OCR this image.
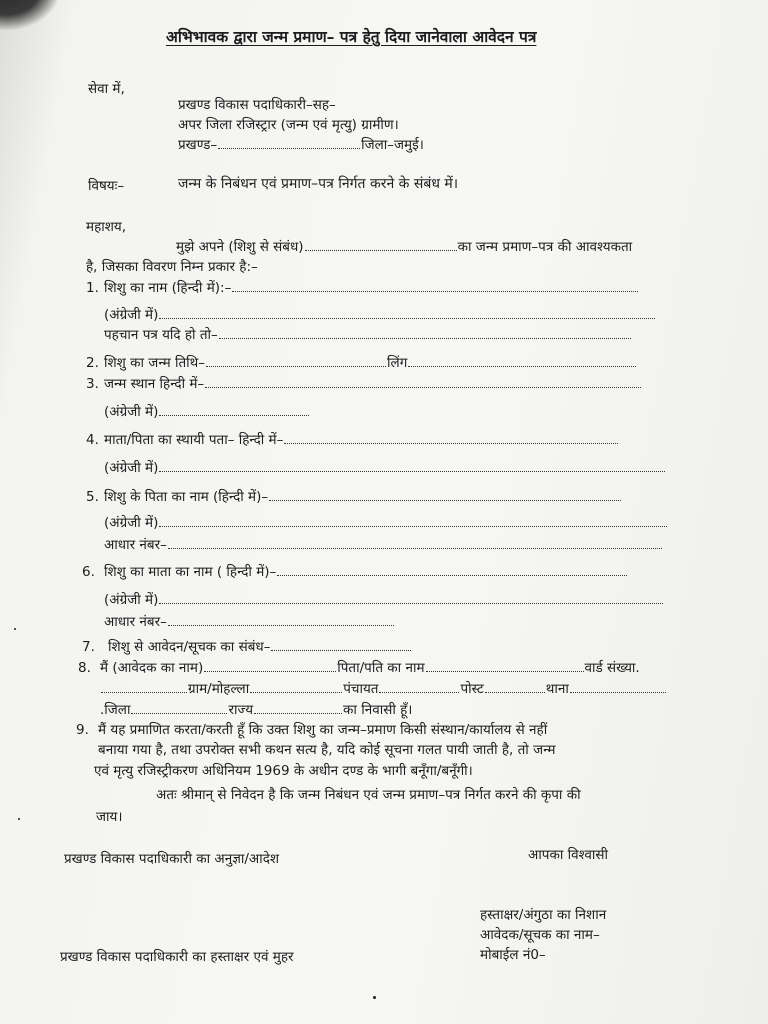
अभिभावक द्वारा जन्म प्रमाण– पत्र हेतु दिया जानेवाला आवेदन पत्र
सेवा में,
प्रखण्ड विकास पदाधिकारी–सह–
अपर जिला रजिस्ट्रार (जन्म एवं मृत्यु) ग्रामीण।
प्रखण्ड–	जिला–जमुई।
विषयः–	जन्म के निबंधन एवं प्रमाण–पत्र निर्गत करने के संबंध में।
महाशय,
मुझे अपने (शिशु से संबंध)	का जन्म प्रमाण–पत्र की आवश्यकता
है, जिसका विवरण निम्न प्रकार है:–
1. शिशु का नाम (हिन्दी में):–
(अंग्रेजी में)
पहचान पत्र यदि हो तो–
2. शिशु का जन्म तिथि–	लिंग
3. जन्म स्थान हिन्दी में–
(अंग्रेजी में)
4. माता/पिता का स्थायी पता– हिन्दी में–
(अंग्रेजी में)
5. शिशु के पिता का नाम (हिन्दी में)–
(अंग्रेजी में)
आधार नंबर–
6. शिशु का माता का नाम ( हिन्दी में)–
(अंग्रेजी में)
आधार नंबर–
7. शिशु से आवेदन/सूचक का संबंध–
8. मैं (आवेदक का नाम)	पिता/पति का नाम	वार्ड संख्या.
ग्राम/मोहल्ला	पंचायत	पोस्ट	थाना
.जिला	राज्य	का निवासी हूँ।
9. मैं यह प्रमाणित करता/करती हूँ कि उक्त शिशु का जन्म–प्रमाण किसी संस्थान/कार्यालय से नहीं
बनाया गया है, तथा उपरोक्त सभी कथन सत्य है, यदि कोई सूचना गलत पायी जाती है, तो जन्म
एवं मृत्यु रजिस्ट्रीकरण अधिनियम 1969 के अधीन दण्ड के भागी बनूँगा/बनूँगी।
अतः श्रीमान् से निवेदन है कि जन्म निबंधन एवं जन्म प्रमाण–पत्र निर्गत करने की कृपा की
जाय।
प्रखण्ड विकास पदाधिकारी का अनुज्ञा/आदेश	आपका विश्वासी
हस्ताक्षर/अंगुठा का निशान
आवेदक/सूचक का नाम–
मोबाईल नं0–
प्रखण्ड विकास पदाधिकारी का हस्ताक्षर एवं मुहर
